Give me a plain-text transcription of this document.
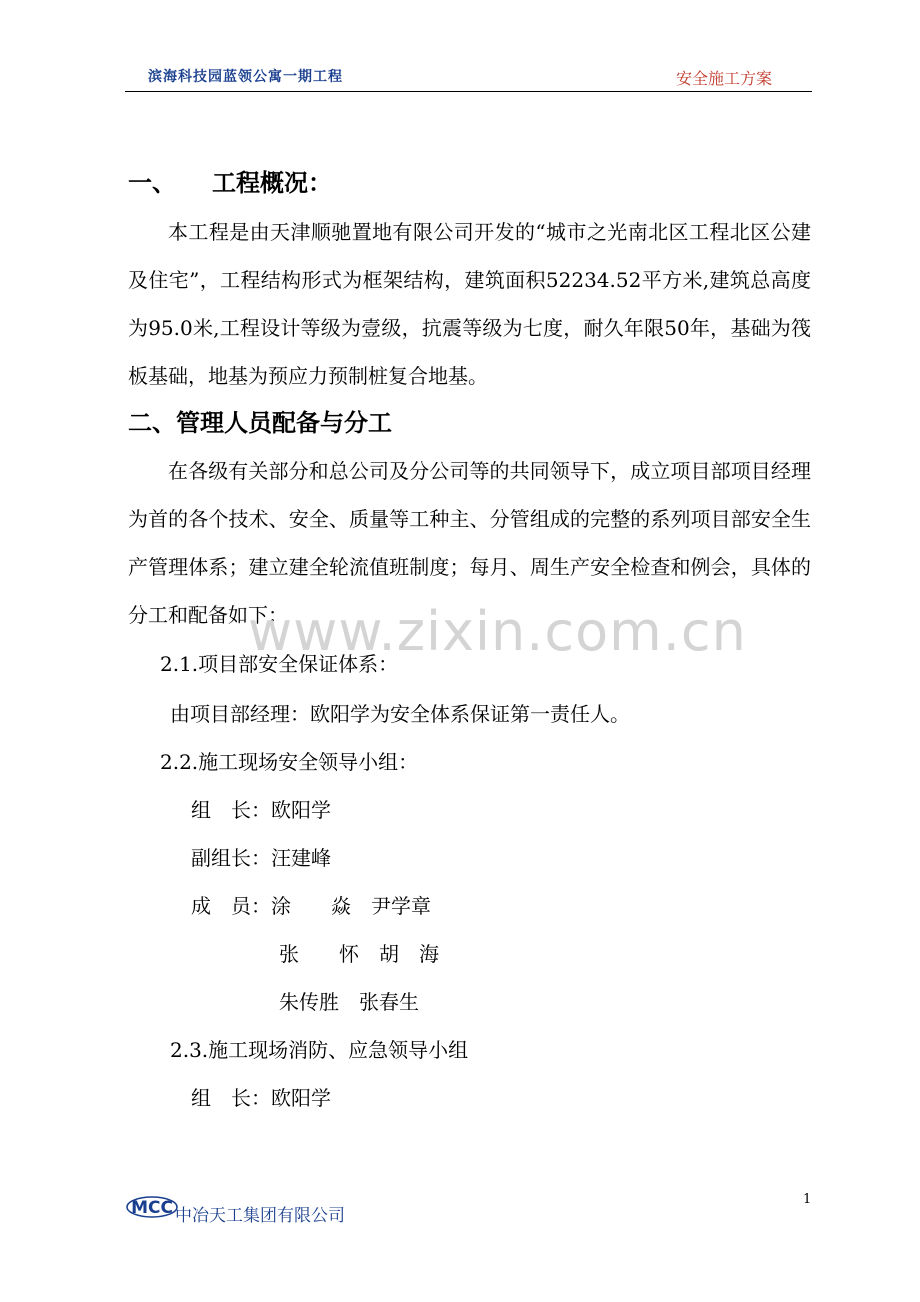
滨海科技园蓝领公寓一期工程	安全施工方案
一、 工程概况：
本工程是由天津顺驰置地有限公司开发的“城市之光南北区工程北区公建及住宅”，工程结构形式为框架结构，建筑面积52234.52平方米,建筑总高度为95.0米,工程设计等级为壹级，抗震等级为七度，耐久年限50年，基础为筏板基础，地基为预应力预制桩复合地基。
二、管理人员配备与分工
在各级有关部分和总公司及分公司等的共同领导下，成立项目部项目经理为首的各个技术、安全、质量等工种主、分管组成的完整的系列项目部安全生产管理体系；建立建全轮流值班制度；每月、周生产安全检查和例会，具体的分工和配备如下：
www.zixin.com.cn
2.1.项目部安全保证体系：
由项目部经理：欧阳学为安全体系保证第一责任人。
2.2.施工现场安全领导小组：
组　长：欧阳学
副组长：汪建峰
成　员：涂　　焱　尹学章
张　　怀　胡　海
朱传胜　张春生
2.3.施工现场消防、应急领导小组
组　长：欧阳学
1
MCC 中冶天工集团有限公司
